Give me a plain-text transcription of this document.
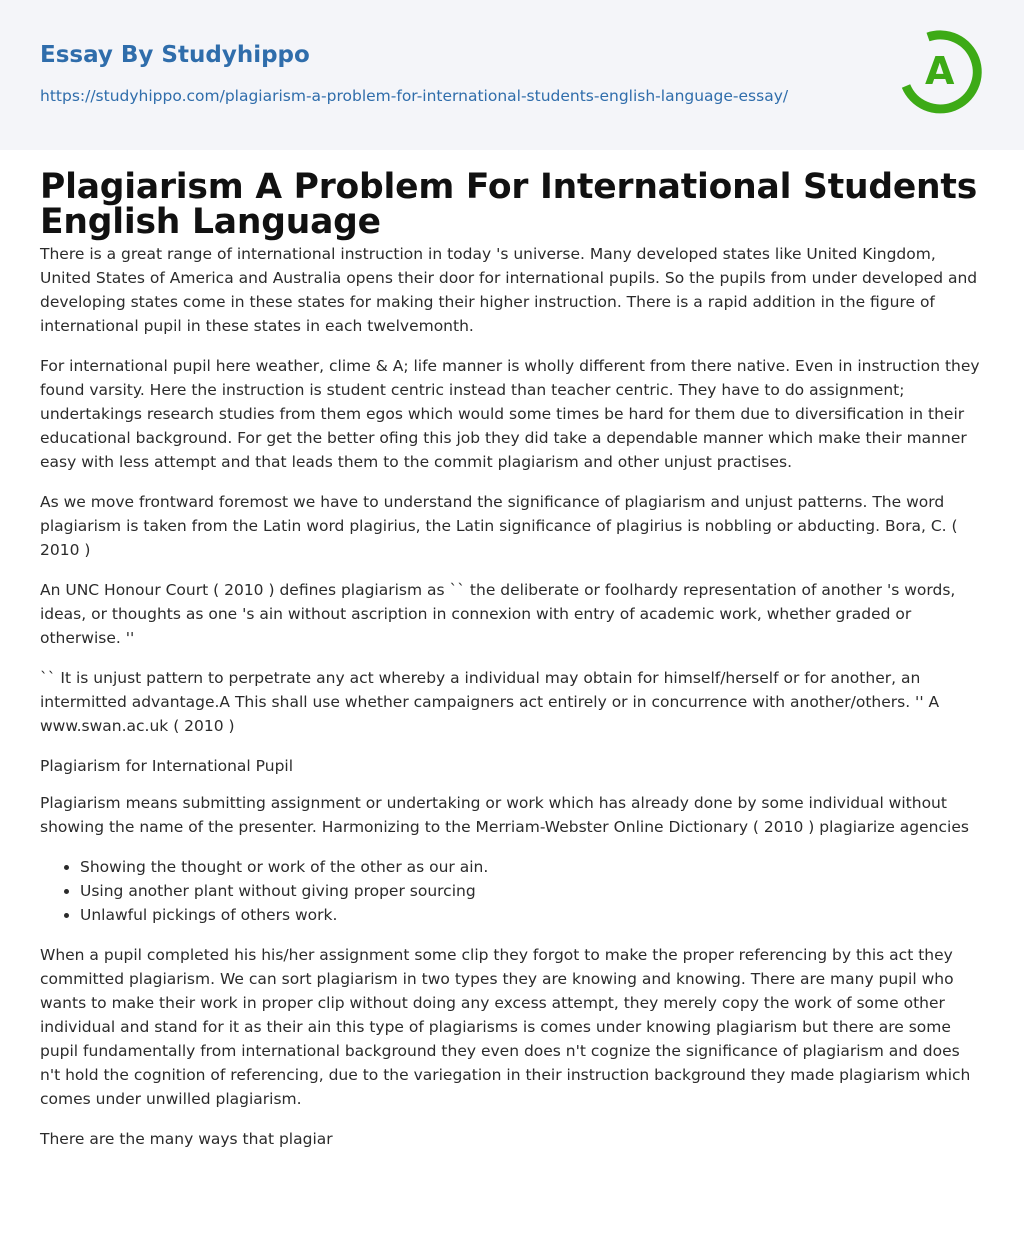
Essay By Studyhippo
https://studyhippo.com/plagiarism-a-problem-for-international-students-english-language-essay/
A
Plagiarism A Problem For International Students English Language

There is a great range of international instruction in today 's universe. Many developed states like United Kingdom, United States of America and Australia opens their door for international pupils. So the pupils from under developed and developing states come in these states for making their higher instruction. There is a rapid addition in the figure of international pupil in these states in each twelvemonth.

For international pupil here weather, clime & A; life manner is wholly different from there native. Even in instruction they found varsity. Here the instruction is student centric instead than teacher centric. They have to do assignment; undertakings research studies from them egos which would some times be hard for them due to diversification in their educational background. For get the better ofing this job they did take a dependable manner which make their manner easy with less attempt and that leads them to the commit plagiarism and other unjust practises.

As we move frontward foremost we have to understand the significance of plagiarism and unjust patterns. The word plagiarism is taken from the Latin word plagirius, the Latin significance of plagirius is nobbling or abducting. Bora, C. ( 2010 )

An UNC Honour Court ( 2010 ) defines plagiarism as `` the deliberate or foolhardy representation of another 's words, ideas, or thoughts as one 's ain without ascription in connexion with entry of academic work, whether graded or otherwise. ''

`` It is unjust pattern to perpetrate any act whereby a individual may obtain for himself/herself or for another, an intermitted advantage.A This shall use whether campaigners act entirely or in concurrence with another/others. '' A www.swan.ac.uk ( 2010 )

Plagiarism for International Pupil

Plagiarism means submitting assignment or undertaking or work which has already done by some individual without showing the name of the presenter. Harmonizing to the Merriam-Webster Online Dictionary ( 2010 ) plagiarize agencies

• Showing the thought or work of the other as our ain.
• Using another plant without giving proper sourcing
• Unlawful pickings of others work.

When a pupil completed his his/her assignment some clip they forgot to make the proper referencing by this act they committed plagiarism. We can sort plagiarism in two types they are knowing and knowing. There are many pupil who wants to make their work in proper clip without doing any excess attempt, they merely copy the work of some other individual and stand for it as their ain this type of plagiarisms is comes under knowing plagiarism but there are some pupil fundamentally from international background they even does n't cognize the significance of plagiarism and does n't hold the cognition of referencing, due to the variegation in their instruction background they made plagiarism which comes under unwilled plagiarism.

There are the many ways that plagiar
